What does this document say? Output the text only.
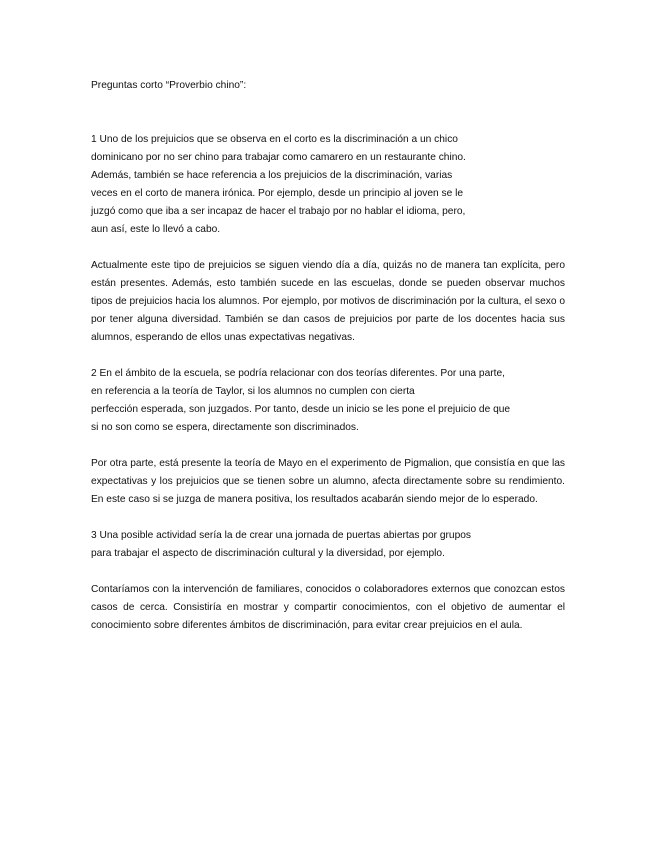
Preguntas corto “Proverbio chino”:
1 Uno de los prejuicios que se observa en el corto es la discriminación a un chico
dominicano por no ser chino para trabajar como camarero en un restaurante chino.
Además, también se hace referencia a los prejuicios de la discriminación, varias
veces en el corto de manera irónica. Por ejemplo, desde un principio al joven se le
juzgó como que iba a ser incapaz de hacer el trabajo por no hablar el idioma, pero,
aun así, este lo llevó a cabo.
Actualmente este tipo de prejuicios se siguen viendo día a día, quizás no de manera tan explícita, pero están presentes. Además, esto también sucede en las escuelas, donde se pueden observar muchos tipos de prejuicios hacia los alumnos. Por ejemplo, por motivos de discriminación por la cultura, el sexo o por tener alguna diversidad. También se dan casos de prejuicios por parte de los docentes hacia sus alumnos, esperando de ellos unas expectativas negativas.
2 En el ámbito de la escuela, se podría relacionar con dos teorías diferentes. Por una parte,
en referencia a la teoría de Taylor, si los alumnos no cumplen con cierta
perfección esperada, son juzgados. Por tanto, desde un inicio se les pone el prejuicio de que
si no son como se espera, directamente son discriminados.
Por otra parte, está presente la teoría de Mayo en el experimento de Pigmalion, que consistía en que las expectativas y los prejuicios que se tienen sobre un alumno, afecta directamente sobre su rendimiento. En este caso si se juzga de manera positiva, los resultados acabarán siendo mejor de lo esperado.
3 Una posible actividad sería la de crear una jornada de puertas abiertas por grupos
para trabajar el aspecto de discriminación cultural y la diversidad, por ejemplo.
Contaríamos con la intervención de familiares, conocidos o colaboradores externos que conozcan estos casos de cerca. Consistiría en mostrar y compartir conocimientos, con el objetivo de aumentar el conocimiento sobre diferentes ámbitos de discriminación, para evitar crear prejuicios en el aula.
